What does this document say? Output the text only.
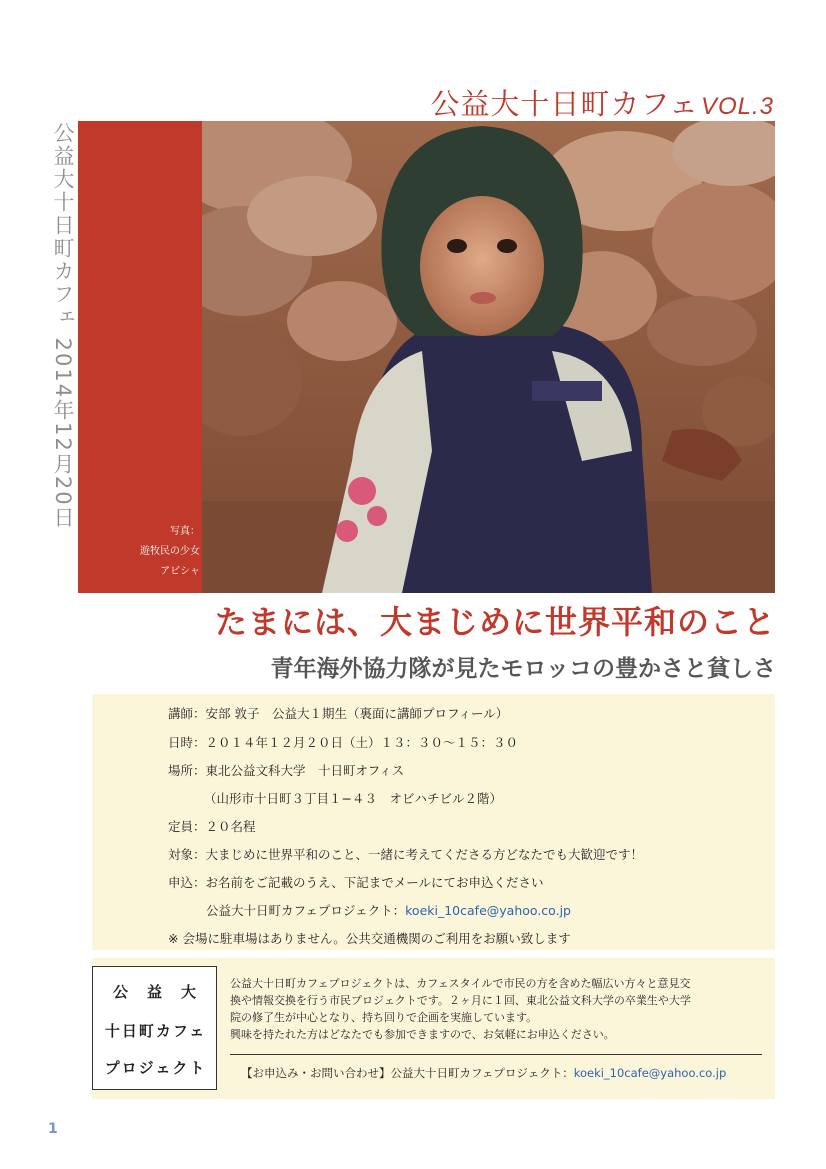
公益大十日町カフェVOL.3
公益大十日町カフェ 2014年12月20日
写真：
遊牧民の少女
アビシャ
たまには、大まじめに世界平和のこと
青年海外協力隊が見たモロッコの豊かさと貧しさ
講師：安部 敦子　公益大１期生（裏面に講師プロフィール）
日時：２０１４年１２月２０日（土）１３：３０〜１５：３０
場所：東北公益文科大学　十日町オフィス
（山形市十日町３丁目１−４３　オビハチビル２階）
定員：２０名程
対象：大まじめに世界平和のこと、一緒に考えてくださる方どなたでも大歓迎です！
申込：お名前をご記載のうえ、下記までメールにてお申込ください
公益大十日町カフェプロジェクト：koeki_10cafe@yahoo.co.jp
※ 会場に駐車場はありません。公共交通機関のご利用をお願い致します
公　益　大
十日町カフェ
プロジェクト
公益大十日町カフェプロジェクトは、カフェスタイルで市民の方を含めた幅広い方々と意見交
換や情報交換を行う市民プロジェクトです。２ヶ月に１回、東北公益文科大学の卒業生や大学
院の修了生が中心となり、持ち回りで企画を実施しています。
興味を持たれた方はどなたでも参加できますので、お気軽にお申込ください。
【お申込み・お問い合わせ】公益大十日町カフェプロジェクト：koeki_10cafe@yahoo.co.jp
1
